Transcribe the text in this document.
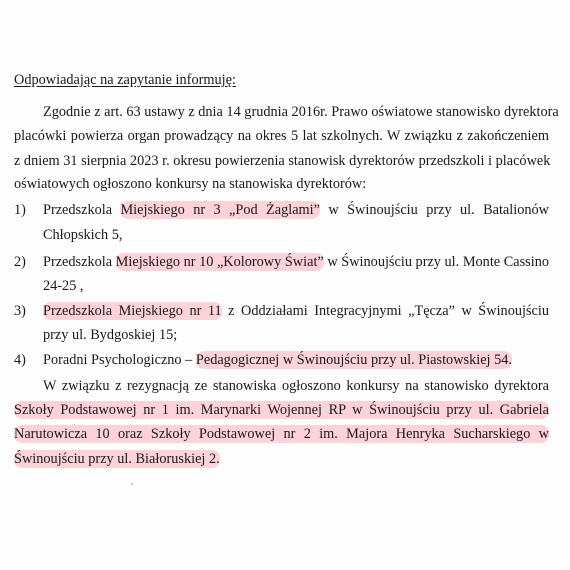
Odpowiadając na zapytanie informuję:
Zgodnie z art. 63 ustawy z dnia 14 grudnia 2016r. Prawo oświatowe stanowisko dyrektora
placówki powierza organ prowadzący na okres 5 lat szkolnych. W związku z zakończeniem
z dniem 31 sierpnia 2023 r. okresu powierzenia stanowisk dyrektorów przedszkoli i placówek
oświatowych ogłoszono konkursy na stanowiska dyrektorów:
1) Przedszkola Miejskiego nr 3 „Pod Żaglami” w Świnoujściu przy ul. Batalionów
Chłopskich 5,
2) Przedszkola Miejskiego nr 10 „Kolorowy Świat” w Świnoujściu przy ul. Monte Cassino
24-25 ,
3) Przedszkola Miejskiego nr 11 z Oddziałami Integracyjnymi „Tęcza” w Świnoujściu
przy ul. Bydgoskiej 15;
4) Poradni Psychologiczno – Pedagogicznej w Świnoujściu przy ul. Piastowskiej 54.
W związku z rezygnacją ze stanowiska ogłoszono konkursy na stanowisko dyrektora
Szkoły Podstawowej nr 1 im. Marynarki Wojennej RP w Świnoujściu przy ul. Gabriela
Narutowicza 10 oraz Szkoły Podstawowej nr 2 im. Majora Henryka Sucharskiego w
Świnoujściu przy ul. Białoruskiej 2.
